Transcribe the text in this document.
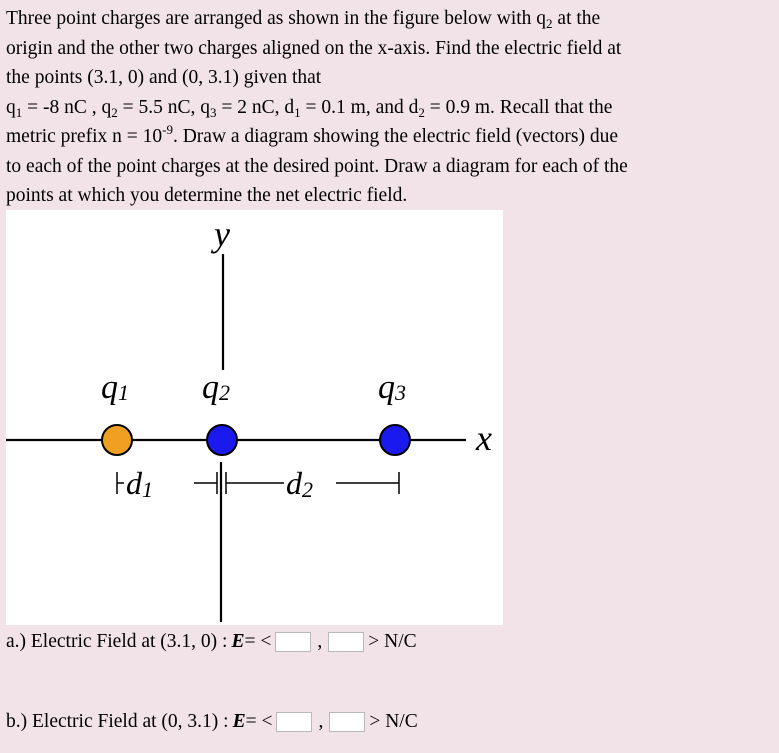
Three point charges are arranged as shown in the figure below with $q_2$ at the
origin and the other two charges aligned on the x-axis. Find the electric field at
the points (3.1, 0) and (0, 3.1) given that
$q_1 = -8$ nC , $q_2 = 5.5$ nC, $q_3 = 2$ nC, $d_1 = 0.1$ m, and $d_2 = 0.9$ m. Recall that the
metric prefix $n = 10^{-9}$. Draw a diagram showing the electric field (vectors) due
to each of the point charges at the desired point. Draw a diagram for each of the
points at which you determine the net electric field.

y
x
q1 q2	q3
d1	d2
a.) Electric Field at (3.1, 0) : E = < , > N/C
b.) Electric Field at (0, 3.1) : E = < , > N/C
